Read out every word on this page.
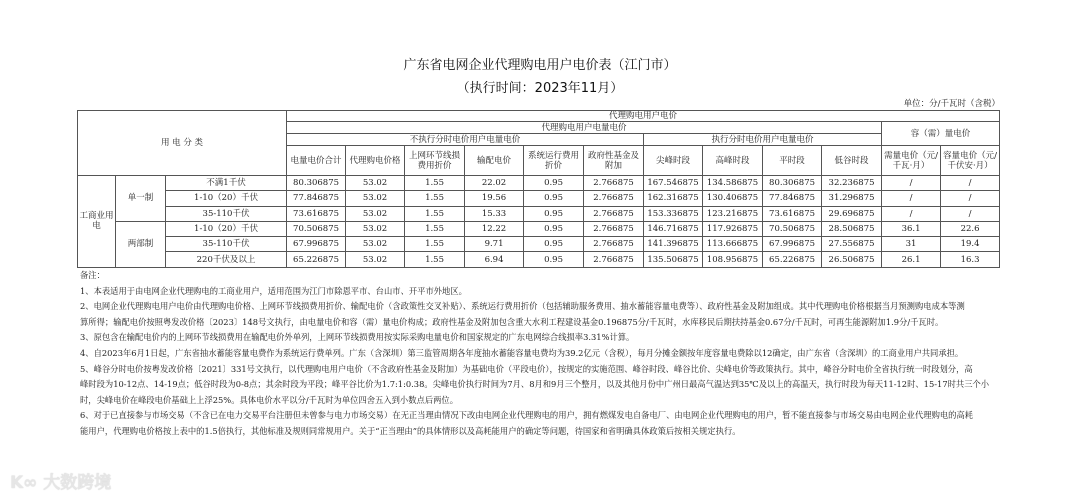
广东省电网企业代理购电用户电价表（江门市）
（执行时间：2023年11月）
单位：分/千瓦时（含税）
用 电 分 类			代理购电用户电价											
			代理购电用户电量电价										容（需）量电价	
			不执行分时电价用户电量电价						执行分时电价用户电量电价					
			电量电价合计	代理购电价格	上网环节线损费用折价	输配电价	系统运行费用折价	政府性基金及附加	尖峰时段	高峰时段	平时段	低谷时段	需量电价（元/千瓦·月）	容量电价（元/千伏安·月）
工商业用电	单一制	不满1千伏	80.306875	53.02	1.55	22.02	0.95	2.766875	167.546875	134.586875	80.306875	32.236875	/	/
		1-10（20）千伏	77.846875	53.02	1.55	19.56	0.95	2.766875	162.316875	130.406875	77.846875	31.296875	/	/
		35-110千伏	73.616875	53.02	1.55	15.33	0.95	2.766875	153.336875	123.216875	73.616875	29.696875	/	/
	两部制	1-10（20）千伏	70.506875	53.02	1.55	12.22	0.95	2.766875	146.716875	117.926875	70.506875	28.506875	36.1	22.6
		35-110千伏	67.996875	53.02	1.55	9.71	0.95	2.766875	141.396875	113.666875	67.996875	27.556875	31	19.4
		220千伏及以上	65.226875	53.02	1.55	6.94	0.95	2.766875	135.506875	108.956875	65.226875	26.506875	26.1	16.3
备注：
1、本表适用于由电网企业代理购电的工商业用户，适用范围为江门市除恩平市、台山市、开平市外地区。
2、电网企业代理购电用户电价由代理购电价格、上网环节线损费用折价、输配电价（含政策性交叉补贴）、系统运行费用折价（包括辅助服务费用、抽水蓄能容量电费等）、政府性基金及附加组成。其中代理购电价格根据当月预测购电成本等测
算所得；输配电价按照粤发改价格〔2023〕148号文执行，由电量电价和容（需）量电价构成；政府性基金及附加包含重大水利工程建设基金0.196875分/千瓦时，水库移民后期扶持基金0.67分/千瓦时，可再生能源附加1.9分/千瓦时。
3、原包含在输配电价内的上网环节线损费用在输配电价外单列，上网环节线损费用按实际采购电量电价和国家规定的广东电网综合线损率3.31%计算。
4、自2023年6月1日起，广东省抽水蓄能容量电费作为系统运行费单列。广东（含深圳）第三监管周期各年度抽水蓄能容量电费均为39.2亿元（含税），每月分摊金额按年度容量电费除以12确定，由广东省（含深圳）的工商业用户共同承担。
5、峰谷分时电价按粤发改价格〔2021〕331号文执行，以代理购电用户电价（不含政府性基金及附加）为基础电价（平段电价），按规定的实施范围、峰谷时段、峰谷比价、尖峰电价等政策执行。其中，峰谷分时电价全省执行统一时段划分，高
峰时段为10-12点、14-19点；低谷时段为0-8点；其余时段为平段；峰平谷比价为1.7:1:0.38。尖峰电价执行时间为7月、8月和9月三个整月，以及其他月份中广州日最高气温达到35℃及以上的高温天，执行时段为每天11-12时、15-17时共三个小
时，尖峰电价在峰段电价基础上上浮25%。具体电价水平以分/千瓦时为单位四舍五入到小数点后两位。
6、对于已直接参与市场交易（不含已在电力交易平台注册但未曾参与电力市场交易）在无正当理由情况下改由电网企业代理购电的用户，拥有燃煤发电自备电厂、由电网企业代理购电的用户，暂不能直接参与市场交易由电网企业代理购电的高耗
能用户，代理购电价格按上表中的1.5倍执行，其他标准及规则同常规用户。关于“正当理由”的具体情形以及高耗能用户的确定等问题，待国家和省明确具体政策后按相关规定执行。
K∞ 大数跨境
